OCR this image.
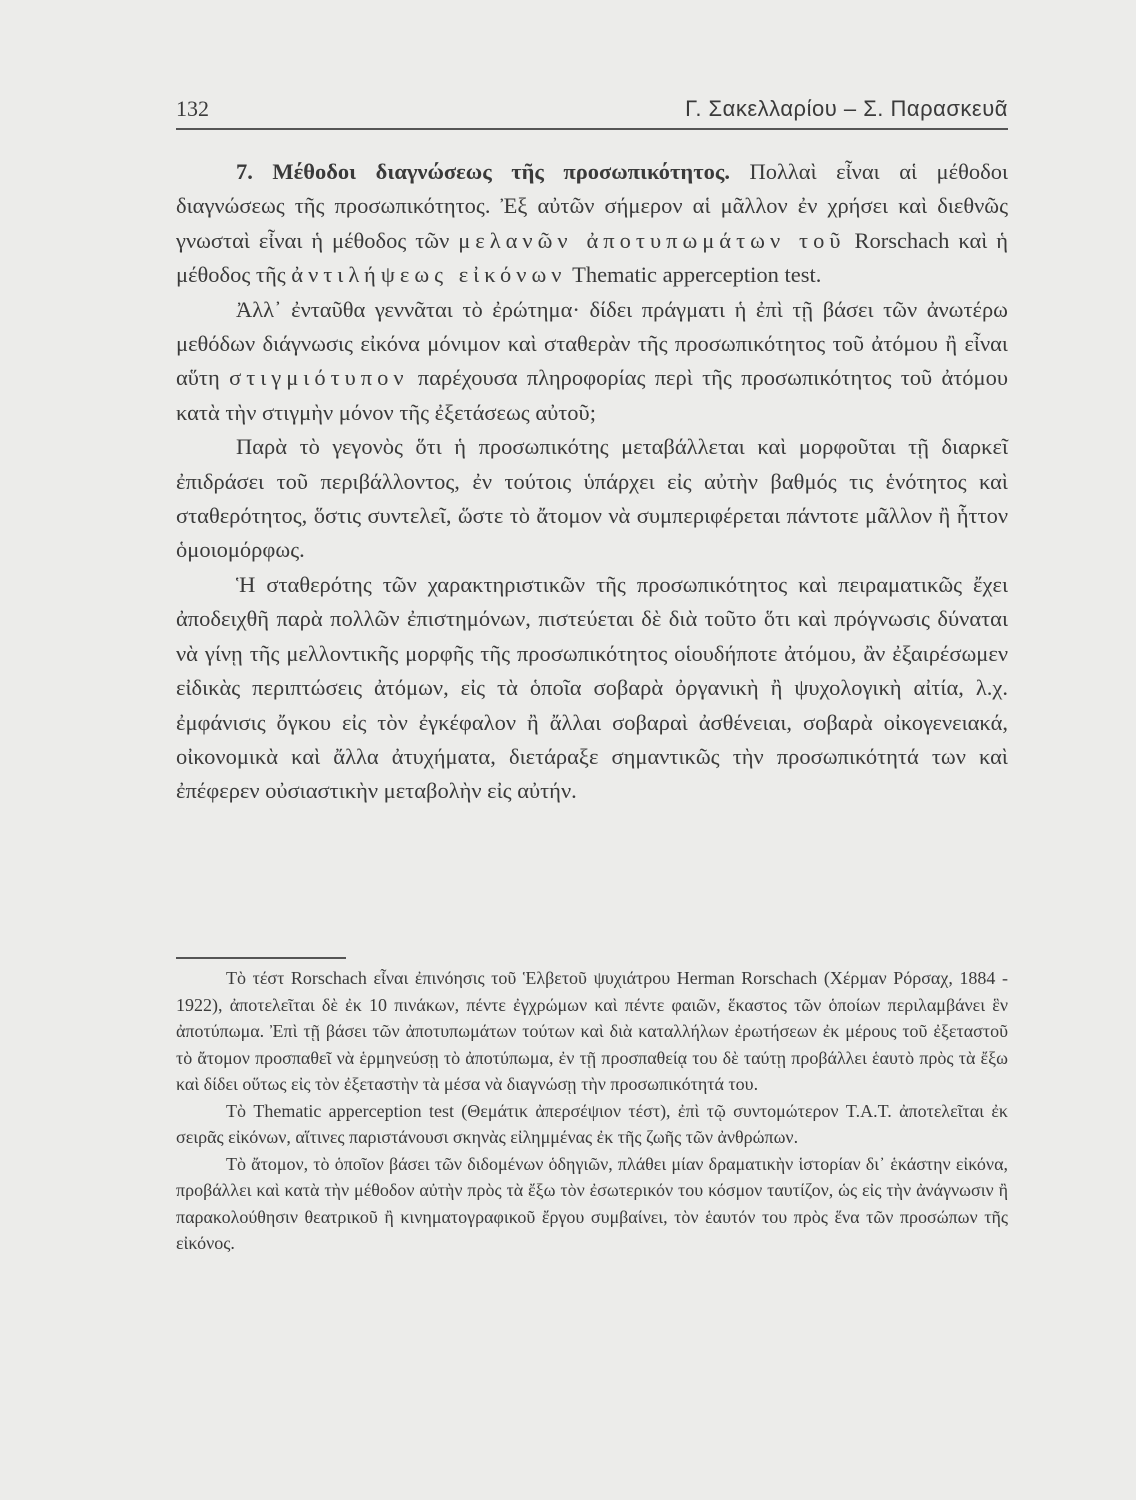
132	Γ. Σακελλαρίου – Σ. Παρασκευᾶ

7. Μέθοδοι διαγνώσεως τῆς προσωπικότητος. Πολλαὶ εἶναι αἱ μέθοδοι διαγνώσεως τῆς προσωπικότητος. Ἐξ αὐτῶν σήμερον αἱ μᾶλλον ἐν χρήσει καὶ διεθνῶς γνωσταὶ εἶναι ἡ μέθοδος τῶν μελανῶν ἀποτυπωμάτων τοῦ Rorschach καὶ ἡ μέθοδος τῆς ἀντιλήψεως εἰκόνων Thematic apperception test.

Ἀλλ᾽ ἐνταῦθα γεννᾶται τὸ ἐρώτημα· δίδει πράγματι ἡ ἐπὶ τῇ βάσει τῶν ἀνωτέρω μεθόδων διάγνωσις εἰκόνα μόνιμον καὶ σταθερὰν τῆς προσωπικότητος τοῦ ἀτόμου ἢ εἶναι αὕτη στιγμιότυπον παρέχουσα πληροφορίας περὶ τῆς προσωπικότητος τοῦ ἀτόμου κατὰ τὴν στιγμὴν μόνον τῆς ἐξετάσεως αὐτοῦ;

Παρὰ τὸ γεγονὸς ὅτι ἡ προσωπικότης μεταβάλλεται καὶ μορφοῦται τῇ διαρκεῖ ἐπιδράσει τοῦ περιβάλλοντος, ἐν τούτοις ὑπάρχει εἰς αὐτὴν βαθμός τις ἑνότητος καὶ σταθερότητος, ὅστις συντελεῖ, ὥστε τὸ ἄτομον νὰ συμπεριφέρεται πάντοτε μᾶλλον ἢ ἧττον ὁμοιομόρφως.

Ἡ σταθερότης τῶν χαρακτηριστικῶν τῆς προσωπικότητος καὶ πειραματικῶς ἔχει ἀποδειχθῆ παρὰ πολλῶν ἐπιστημόνων, πιστεύεται δὲ διὰ τοῦτο ὅτι καὶ πρόγνωσις δύναται νὰ γίνῃ τῆς μελλοντικῆς μορφῆς τῆς προσωπικότητος οἱουδήποτε ἀτόμου, ἂν ἐξαιρέσωμεν εἰδικὰς περιπτώσεις ἀτόμων, εἰς τὰ ὁποῖα σοβαρὰ ὀργανικὴ ἢ ψυχολογικὴ αἰτία, λ.χ. ἐμφάνισις ὄγκου εἰς τὸν ἐγκέφαλον ἢ ἄλλαι σοβαραὶ ἀσθένειαι, σοβαρὰ οἰκογενειακά, οἰκονομικὰ καὶ ἄλλα ἀτυχήματα, διετάραξε σημαντικῶς τὴν προσωπικότητά των καὶ ἐπέφερεν οὐσιαστικὴν μεταβολὴν εἰς αὐτήν.

Τὸ τέστ Rorschach εἶναι ἐπινόησις τοῦ Ἑλβετοῦ ψυχιάτρου Herman Rorschach (Χέρμαν Ρόρσαχ, 1884 - 1922), ἀποτελεῖται δὲ ἐκ 10 πινάκων, πέντε ἐγχρώμων καὶ πέντε φαιῶν, ἕκαστος τῶν ὁποίων περιλαμβάνει ἓν ἀποτύπωμα. Ἐπὶ τῇ βάσει τῶν ἀποτυπωμάτων τούτων καὶ διὰ καταλλήλων ἐρωτήσεων ἐκ μέρους τοῦ ἐξεταστοῦ τὸ ἄτομον προσπαθεῖ νὰ ἑρμηνεύσῃ τὸ ἀποτύπωμα, ἐν τῇ προσπαθείᾳ του δὲ ταύτῃ προβάλλει ἑαυτὸ πρὸς τὰ ἔξω καὶ δίδει οὕτως εἰς τὸν ἐξεταστὴν τὰ μέσα νὰ διαγνώσῃ τὴν προσωπικότητά του.

Τὸ Thematic apperception test (Θεμάτικ ἀπερσέψιον τέστ), ἐπὶ τῷ συντομώτερον T.A.T. ἀποτελεῖται ἐκ σειρᾶς εἰκόνων, αἵτινες παριστάνουσι σκηνὰς εἰλημμένας ἐκ τῆς ζωῆς τῶν ἀνθρώπων.

Τὸ ἄτομον, τὸ ὁποῖον βάσει τῶν διδομένων ὁδηγιῶν, πλάθει μίαν δραματικὴν ἱστορίαν δι᾽ ἑκάστην εἰκόνα, προβάλλει καὶ κατὰ τὴν μέθοδον αὐτὴν πρὸς τὰ ἔξω τὸν ἐσωτερικόν του κόσμον ταυτίζον, ὡς εἰς τὴν ἀνάγνωσιν ἢ παρακολούθησιν θεατρικοῦ ἢ κινηματογραφικοῦ ἔργου συμβαίνει, τὸν ἑαυτόν του πρὸς ἕνα τῶν προσώπων τῆς εἰκόνος.
